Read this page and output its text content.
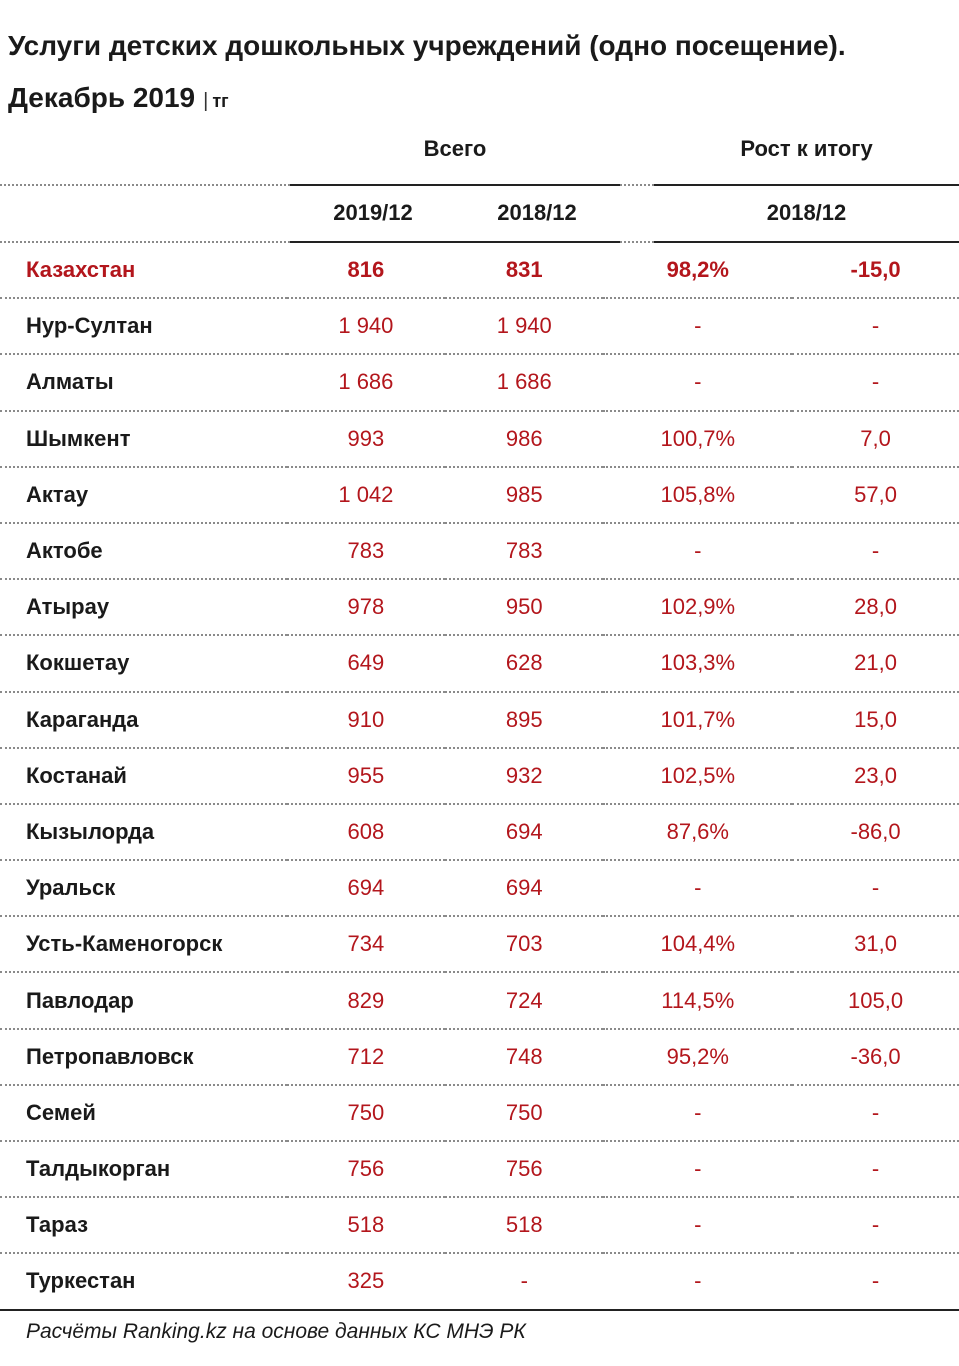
Услуги детских дошкольных учреждений (одно посещение).
Декабрь 2019 | тг
Всего	Рост к итогу
2019/12	2018/12	2018/12
Казахстан	816	831	98,2%	-15,0
Нур-Султан	1 940	1 940	-	-
Алматы	1 686	1 686	-	-
Шымкент	993	986	100,7%	7,0
Актау	1 042	985	105,8%	57,0
Актобе	783	783	-	-
Атырау	978	950	102,9%	28,0
Кокшетау	649	628	103,3%	21,0
Караганда	910	895	101,7%	15,0
Костанай	955	932	102,5%	23,0
Кызылорда	608	694	87,6%	-86,0
Уральск	694	694	-	-
Усть-Каменогорск	734	703	104,4%	31,0
Павлодар	829	724	114,5%	105,0
Петропавловск	712	748	95,2%	-36,0
Семей	750	750	-	-
Талдыкорган	756	756	-	-
Тараз	518	518	-	-
Туркестан	325	-	-	-
Расчёты Ranking.kz на основе данных КС МНЭ РК
